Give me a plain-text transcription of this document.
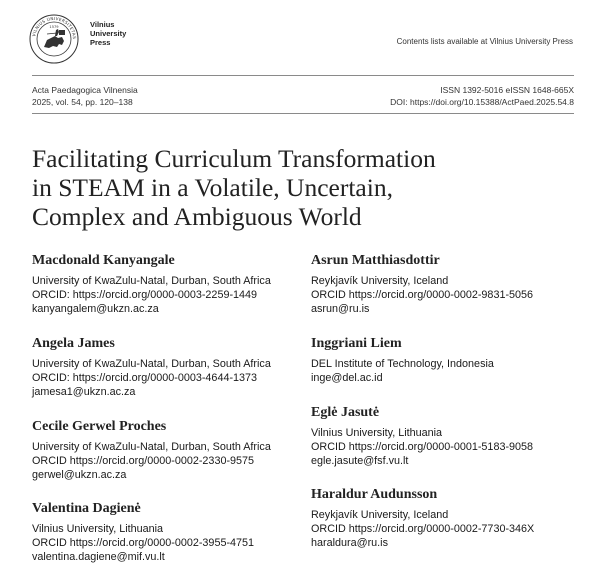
VILNIUS UNIVERSITETAS
1579	Vilnius
University
Press	Contents lists available at Vilnius University Press
Acta Paedagogica Vilnensia
2025, vol. 54, pp. 120–138
ISSN 1392-5016 eISSN 1648-665X
DOI: https://doi.org/10.15388/ActPaed.2025.54.8
Facilitating Curriculum Transformation
in STEAM in a Volatile, Uncertain,
Complex and Ambiguous World
Macdonald Kanyangale
University of KwaZulu-Natal, Durban, South Africa
ORCID: https://orcid.org/0000-0003-2259-1449
kanyangalem@ukzn.ac.za
Angela James
University of KwaZulu-Natal, Durban, South Africa
ORCID: https://orcid.org/0000-0003-4644-1373
jamesa1@ukzn.ac.za
Cecile Gerwel Proches
University of KwaZulu-Natal, Durban, South Africa
ORCID https://orcid.org/0000-0002-2330-9575
gerwel@ukzn.ac.za
Valentina Dagienė
Vilnius University, Lithuania
ORCID https://orcid.org/0000-0002-3955-4751
valentina.dagiene@mif.vu.lt
Asrun Matthiasdottir
Reykjavík University, Iceland
ORCID https://orcid.org/0000-0002-9831-5056
asrun@ru.is
Inggriani Liem
DEL Institute of Technology, Indonesia
inge@del.ac.id
Eglė Jasutė
Vilnius University, Lithuania
ORCID https://orcid.org/0000-0001-5183-9058
egle.jasute@fsf.vu.lt
Haraldur Audunsson
Reykjavík University, Iceland
ORCID https://orcid.org/0000-0002-7730-346X
haraldura@ru.is
